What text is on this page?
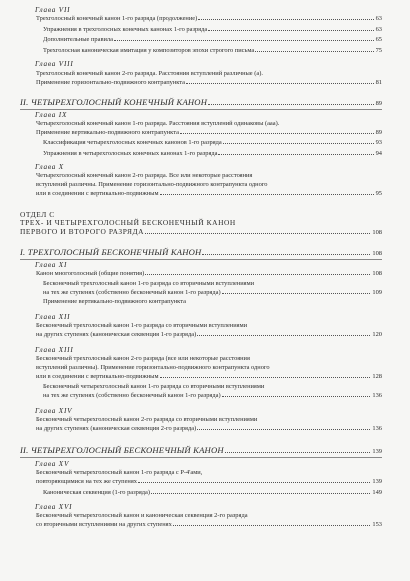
Глава VII
Трехголосный конечный канон 1-го разряда (продолжение)	63
Упражнения в трехголосных конечных канонах 1-го разряда	63
Дополнительные правила	65
Трехголосная каноническая имитация у композиторов эпохи строгого письма	75
Глава VIII
Трехголосный конечный канон 2-го разряда. Расстояния вступлений различные (а).
Применение горизонтально-подвижного контрапункта	81
II. ЧЕТЫРЕХГОЛОСНЫЙ КОНЕЧНЫЙ КАНОН	89
Глава IX
Четырехголосный конечный канон 1-го разряда. Расстояния вступлений одинаковы (ааа).
Применение вертикально-подвижного контрапункта	89
Классификация четырехголосных конечных канонов 1-го разряда	93
Упражнения в четырехголосных конечных канонах 1-го разряда	94
Глава X
Четырехголосный конечный канон 2-го разряда. Все или некоторые расстояния
вступлений различны. Применение горизонтально-подвижного контрапункта одного
или в соединении с вертикально-подвижным	95
ОТДЕЛ С
ТРЕХ- И ЧЕТЫРЕХГОЛОСНЫЙ БЕСКОНЕЧНЫЙ КАНОН
ПЕРВОГО И ВТОРОГО РАЗРЯДА	108
I. ТРЕХГОЛОСНЫЙ БЕСКОНЕЧНЫЙ КАНОН	108
Глава XI
Канон многоголосный (общие понятия)	108
Бесконечный трехголосный канон 1-го разряда со вторичными вступлениями
на тех же ступенях (собственно бесконечный канон 1-го разряда)	109
Применение вертикально-подвижного контрапункта
Глава XII
Бесконечный трехголосный канон 1-го разряда со вторичными вступлениями
на других ступенях (каноническая секвенция 1-го разряда)	120
Глава XIII
Бесконечный трехголосный канон 2-го разряда (все или некоторые расстояния
вступлений различны). Применение горизонтально-подвижного контрапункта одного
или в соединении с вертикально-подвижным	128
Бесконечный четырехголосный канон 1-го разряда со вторичными вступлениями
на тех же ступенях (собственно бесконечный канон 1-го разряда)	136
Глава XIV
Бесконечный четырехголосный канон 2-го разряда со вторичными вступлениями
на других ступенях (каноническая секвенция 2-го разряда)	136
II. ЧЕТЫРЕХГОЛОСНЫЙ БЕСКОНЕЧНЫЙ КАНОН	139
Глава XV
Бесконечный четырехголосный канон 1-го разряда с P-4'ами,
повторяющимися на тех же ступенях	139
Каноническая секвенция (1-го разряда)	149
Глава XVI
Бесконечный четырехголосный канон и каноническая секвенция 2-го разряда
со вторичными вступлениями на других ступенях	153
